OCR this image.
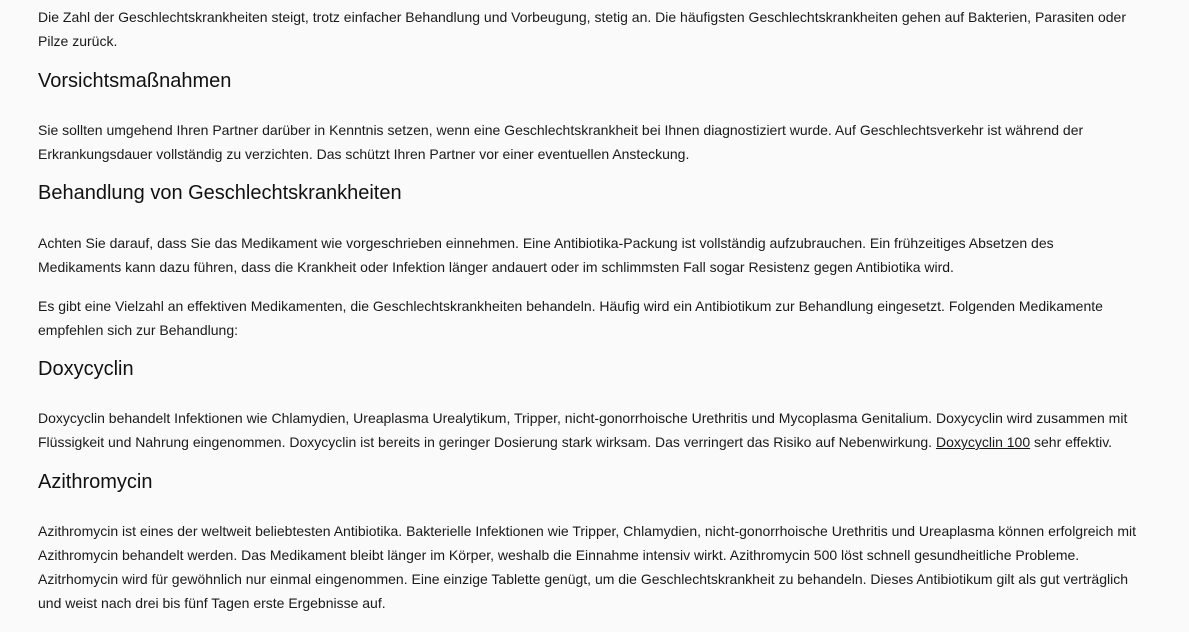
Die Zahl der Geschlechtskrankheiten steigt, trotz einfacher Behandlung und Vorbeugung, stetig an. Die häufigsten Geschlechtskrankheiten gehen auf Bakterien, Parasiten oder Pilze zurück.

Vorsichtsmaßnahmen

Sie sollten umgehend Ihren Partner darüber in Kenntnis setzen, wenn eine Geschlechtskrankheit bei Ihnen diagnostiziert wurde. Auf Geschlechtsverkehr ist während der Erkrankungsdauer vollständig zu verzichten. Das schützt Ihren Partner vor einer eventuellen Ansteckung.

Behandlung von Geschlechtskrankheiten

Achten Sie darauf, dass Sie das Medikament wie vorgeschrieben einnehmen. Eine Antibiotika-Packung ist vollständig aufzubrauchen. Ein frühzeitiges Absetzen des Medikaments kann dazu führen, dass die Krankheit oder Infektion länger andauert oder im schlimmsten Fall sogar Resistenz gegen Antibiotika wird.

Es gibt eine Vielzahl an effektiven Medikamenten, die Geschlechtskrankheiten behandeln. Häufig wird ein Antibiotikum zur Behandlung eingesetzt. Folgenden Medikamente empfehlen sich zur Behandlung:

Doxycyclin

Doxycyclin behandelt Infektionen wie Chlamydien, Ureaplasma Urealytikum, Tripper, nicht-gonorrhoische Urethritis und Mycoplasma Genitalium. Doxycyclin wird zusammen mit Flüssigkeit und Nahrung eingenommen. Doxycyclin ist bereits in geringer Dosierung stark wirksam. Das verringert das Risiko auf Nebenwirkung. Doxycyclin 100 sehr effektiv.

Azithromycin

Azithromycin ist eines der weltweit beliebtesten Antibiotika. Bakterielle Infektionen wie Tripper, Chlamydien, nicht-gonorrhoische Urethritis und Ureaplasma können erfolgreich mit Azithromycin behandelt werden. Das Medikament bleibt länger im Körper, weshalb die Einnahme intensiv wirkt. Azithromycin 500 löst schnell gesundheitliche Probleme. Azitrhomycin wird für gewöhnlich nur einmal eingenommen. Eine einzige Tablette genügt, um die Geschlechtskrankheit zu behandeln. Dieses Antibiotikum gilt als gut verträglich und weist nach drei bis fünf Tagen erste Ergebnisse auf.
